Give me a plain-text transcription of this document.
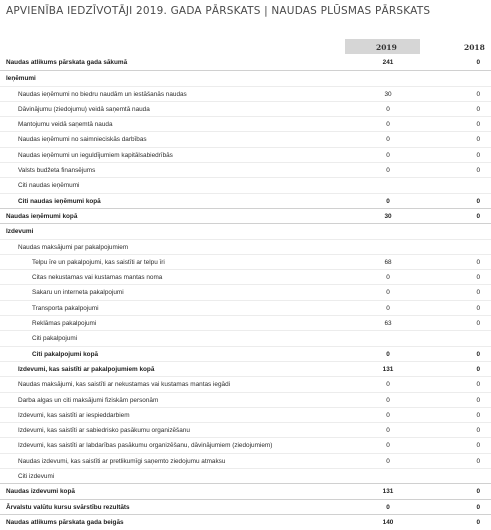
APVIENĪBA IEDZĪVOTĀJI 2019. GADA PĀRSKATS | NAUDAS PLŪSMAS PĀRSKATS
2019	2018
Naudas atlikums pārskata gada sākumā	241	0
Ieņēmumi
Naudas ieņēmumi no biedru naudām un iestāšanās naudas	30	0
Dāvinājumu (ziedojumu) veidā saņemtā nauda	0	0
Mantojumu veidā saņemtā nauda	0	0
Naudas ieņēmumi no saimnieciskās darbības	0	0
Naudas ieņēmumi un ieguldījumiem kapitālsabiedrībās	0	0
Valsts budžeta finansējums	0	0
Citi naudas ieņēmumi
Citi naudas ieņēmumi kopā	0	0
Naudas ieņēmumi kopā	30	0
Izdevumi
Naudas maksājumi par pakalpojumiem
Telpu īre un pakalpojumi, kas saistīti ar telpu īri	68	0
Citas nekustamas vai kustamas mantas noma	0	0
Sakaru un interneta pakalpojumi	0	0
Transporta pakalpojumi	0	0
Reklāmas pakalpojumi	63	0
Citi pakalpojumi
Citi pakalpojumi kopā	0	0
Izdevumi, kas saistīti ar pakalpojumiem kopā	131	0
Naudas maksājumi, kas saistīti ar nekustamas vai kustamas mantas iegādi	0	0
Darba algas un citi maksājumi fiziskām personām	0	0
Izdevumi, kas saistīti ar iespieddarbiem	0	0
Izdevumi, kas saistīti ar sabiedrisko pasākumu organizēšanu	0	0
Izdevumi, kas saistīti ar labdarības pasākumu organizēšanu, dāvinājumiem (ziedojumiem)	0	0
Naudas izdevumi, kas saistīti ar pretlikumīgi saņemto ziedojumu atmaksu	0	0
Citi izdevumi
Naudas izdevumi kopā	131	0
Ārvalstu valūtu kursu svārstību rezultāts	0	0
Naudas atlikums pārskata gada beigās	140	0
